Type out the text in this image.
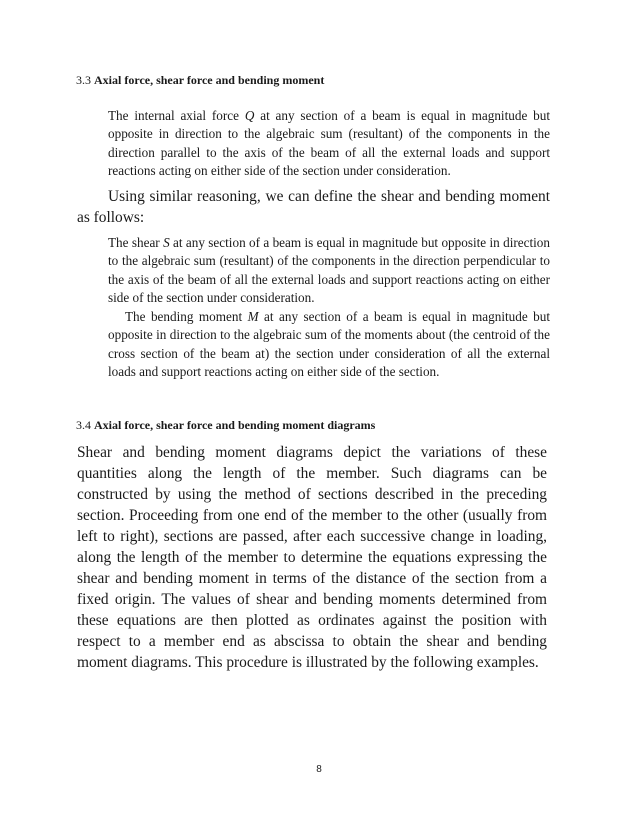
3.3 Axial force, shear force and bending moment

The internal axial force Q at any section of a beam is equal in magnitude but opposite in direction to the algebraic sum (resultant) of the components in the direction parallel to the axis of the beam of all the external loads and support reactions acting on either side of the section under consideration.

Using similar reasoning, we can define the shear and bending moment as follows:

The shear S at any section of a beam is equal in magnitude but opposite in direction to the algebraic sum (resultant) of the components in the direction perpendicular to the axis of the beam of all the external loads and support reactions acting on either side of the section under consideration.

The bending moment M at any section of a beam is equal in magnitude but opposite in direction to the algebraic sum of the moments about (the centroid of the cross section of the beam at) the section under consideration of all the external loads and support reactions acting on either side of the section.

3.4 Axial force, shear force and bending moment diagrams

Shear and bending moment diagrams depict the variations of these quantities along the length of the member. Such diagrams can be constructed by using the method of sections described in the preceding section. Proceeding from one end of the member to the other (usually from left to right), sections are passed, after each successive change in loading, along the length of the member to determine the equations expressing the shear and bending moment in terms of the distance of the section from a fixed origin. The values of shear and bending moments determined from these equations are then plotted as ordinates against the position with respect to a member end as abscissa to obtain the shear and bending moment diagrams. This procedure is illustrated by the following examples.

8
